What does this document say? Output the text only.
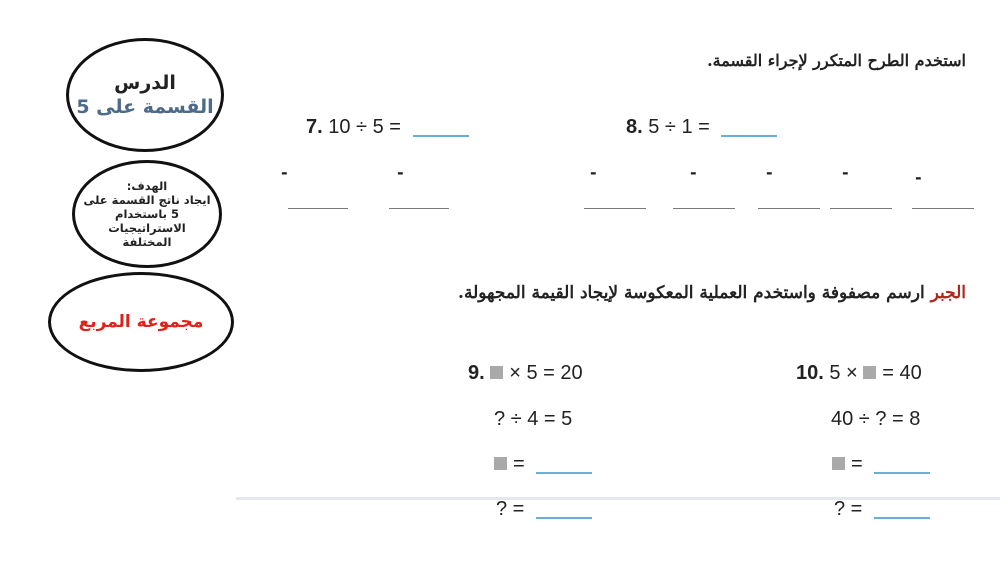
الدرس
القسمة على 5
الهدف:
ايجاد ناتج القسمة على
5 باستخدام
الاستراتيجيات المختلفة
مجموعة المربع
استخدم الطرح المتكرر لإجراء القسمة.
7. 10 ÷ 5 =	8. 5 ÷ 1 =
-	-	-	-	-	-	-
الجبر ارسم مصفوفة واستخدم العملية المعكوسة لإيجاد القيمة المجهولة.
9. × 5 = 20
? ÷ 4 = 5
=
? =
10. 5 × = 40
40 ÷ ? = 8
=
? =
